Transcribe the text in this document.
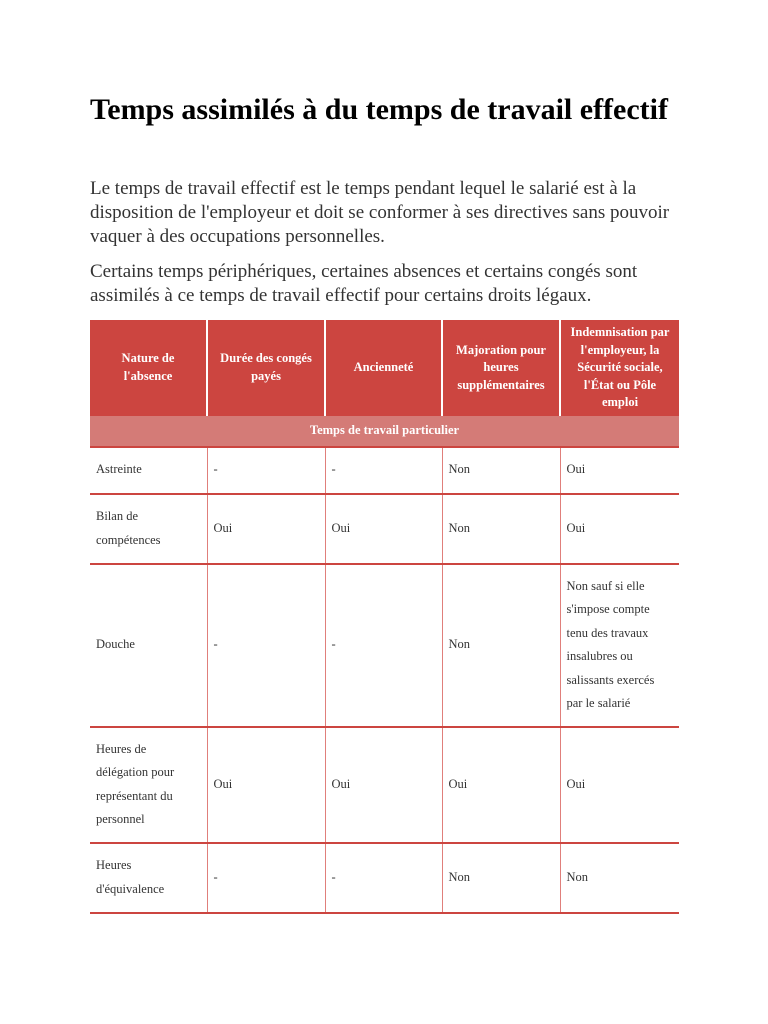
Temps assimilés à du temps de travail effectif

Le temps de travail effectif est le temps pendant lequel le salarié est à la disposition de l'employeur et doit se conformer à ses directives sans pouvoir vaquer à des occupations personnelles.

Certains temps périphériques, certaines absences et certains congés sont assimilés à ce temps de travail effectif pour certains droits légaux.

Nature de l'absence	Durée des congés payés	Ancienneté	Majoration pour heures supplémentaires	Indemnisation par l'employeur, la Sécurité sociale, l'État ou Pôle emploi
Temps de travail particulier				
Astreinte	-	-	Non	Oui
Bilan de compétences	Oui	Oui	Non	Oui
Douche	-	-	Non	Non sauf si elle s'impose compte tenu des travaux insalubres ou salissants exercés par le salarié
Heures de délégation pour représentant du personnel	Oui	Oui	Oui	Oui
Heures d'équivalence	-	-	Non	Non
